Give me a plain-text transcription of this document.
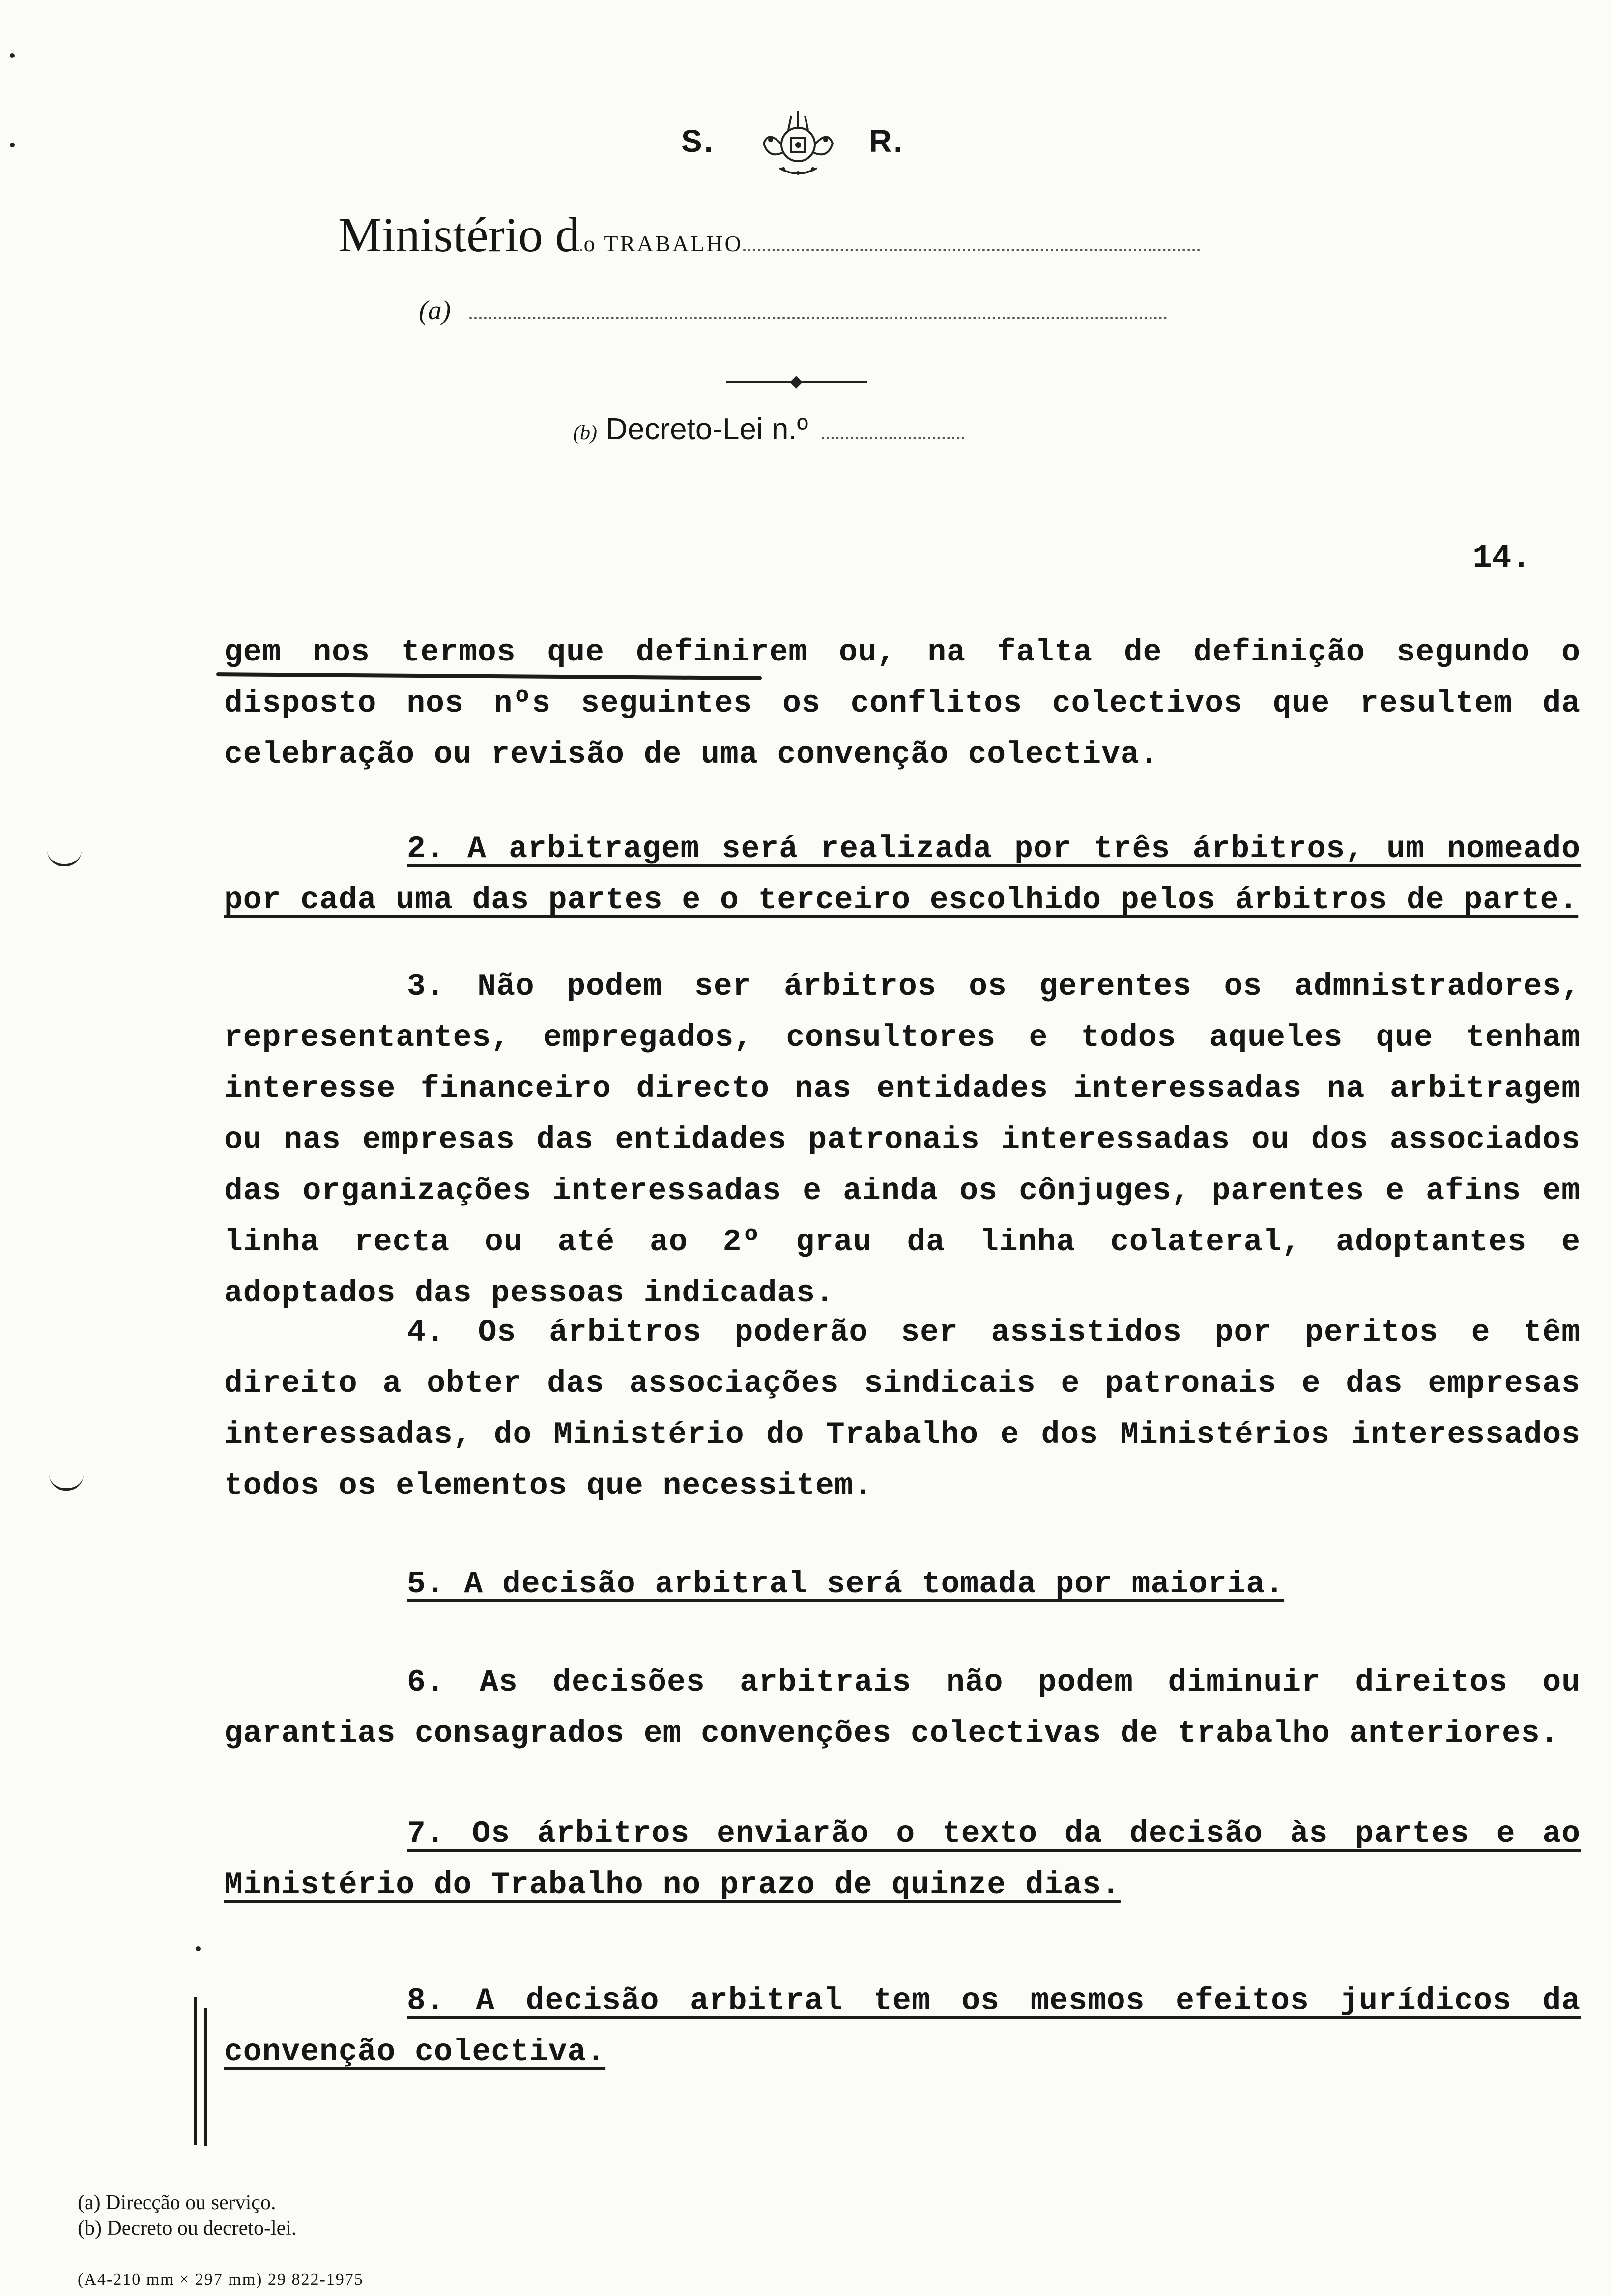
S.	R.
Ministério d o TRABALHO
(a)
(b) Decreto-Lei n.º
14.

gem nos termos que definirem ou, na falta de definição segundo o disposto nos nºs seguintes os conflitos colectivos que resultem da celebração ou revisão de uma convenção colectiva.

2. A arbitragem será realizada por três árbitros, um nomeado por cada uma das partes e o terceiro escolhido pelos árbitros de parte.

3. Não podem ser árbitros os gerentes os admnistradores, representantes, empregados, consultores e todos aqueles que tenham interesse financeiro directo nas entidades interessadas na arbitragem ou nas empresas das entidades patronais interessadas ou dos associados das organizações interessadas e ainda os cônjuges, parentes e afins em linha recta ou até ao 2º grau da linha colateral, adoptantes e adoptados das pessoas indicadas.

4. Os árbitros poderão ser assistidos por peritos e têm direito a obter das associações sindicais e patronais e das empresas interessadas, do Ministério do Trabalho e dos Ministérios interessados todos os elementos que necessitem.

5. A decisão arbitral será tomada por maioria.

6. As decisões arbitrais não podem diminuir direitos ou garantias consagrados em convenções colectivas de trabalho anteriores.

7. Os árbitros enviarão o texto da decisão às partes e ao Ministério do Trabalho no prazo de quinze dias.

8. A decisão arbitral tem os mesmos efeitos jurídicos da convenção colectiva.

(a) Direcção ou serviço.
(b) Decreto ou decreto-lei.
(A4-210 mm × 297 mm) 29 822-1975
